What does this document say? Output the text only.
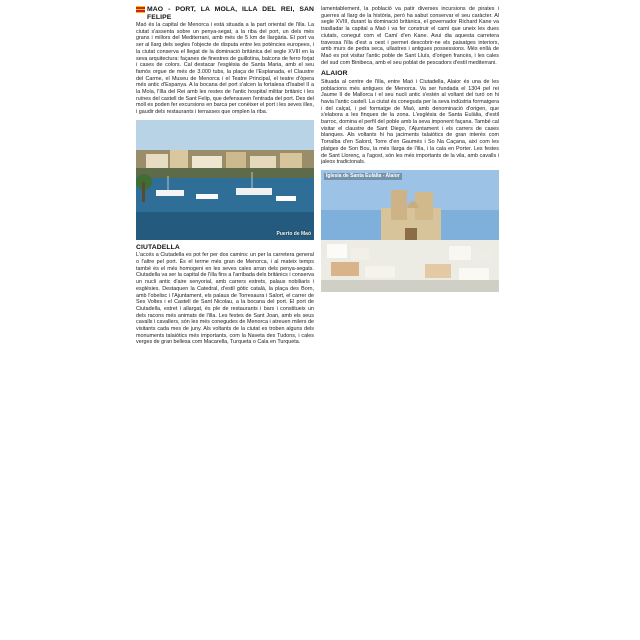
MAÓ - PORT, LA MOLA, ILLA DEL REI, SAN FELIPE

Maó és la capital de Menorca i està situada a la part oriental de l'illa. La ciutat s'assenta sobre un penya-segat, a la riba del port, un dels més grans i millors del Mediterrani, amb més de 5 km de llargària. El port va ser al llarg dels segles l'objecte de disputa entre les potències europees, i la ciutat conserva el llegat de la dominació britànica del segle XVIII en la seva arquitectura: façanes de finestres de guillotina, balcons de ferro forjat i cases de colors. Cal destacar l'església de Santa Maria, amb el seu famós orgue de més de 3.000 tubs, la plaça de l'Esplanada, el Claustre del Carme, el Museu de Menorca i el Teatre Principal, el teatre d'òpera més antic d'Espanya. A la bocana del port s'alcen la fortalesa d'Isabel II a la Mola, l'Illa del Rei amb les restes de l'antic hospital militar britànic i les ruïnes del castell de Sant Felip, que defensaven l'entrada del port. Des del moll es poden fer excursions en barca per conèixer el port i les seves illes, i gaudir dels restaurants i terrasses que omplen la riba.

Puerto de Maó
CIUTADELLA

L'accés a Ciutadella es pot fer per dos camins: un per la carretera general o l'altre pel port. És el terme més gran de Menorca, i al mateix temps també és el més homogeni en les seves cales arran dels penya-segats. Ciutadella va ser la capital de l'illa fins a l'arribada dels britànics i conserva un nucli antic d'aire senyorial, amb carrers estrets, palaus nobiliaris i esglésies. Destaquen la Catedral, d'estil gòtic català, la plaça des Born, amb l'obelisc i l'Ajuntament, els palaus de Torresaura i Salort, el carrer de Ses Voltes i el Castell de Sant Nicolau, a la bocana del port. El port de Ciutadella, estret i allargat, és ple de restaurants i bars i constitueix un dels racons més animats de l'illa. Les festes de Sant Joan, amb els seus cavalls i cavallers, són les més conegudes de Menorca i atreuen milers de visitants cada mes de juny. Als voltants de la ciutat es troben alguns dels monuments talaiòtics més importants, com la Naveta des Tudons, i cales verges de gran bellesa com Macarella, Turqueta o Cala en Turqueta.

lamentablement, la població va patir diverses incursions de pirates i guerres al llarg de la història, però ha sabut conservar el seu caràcter. Al segle XVIII, durant la dominació britànica, el governador Richard Kane va traslladar la capital a Maó i va fer construir el camí que uneix les dues ciutats, conegut com el Camí d'en Kane. Avui dia aquesta carretera travessa l'illa d'est a oest i permet descobrir-ne els paisatges interiors, amb murs de pedra seca, ullastres i antigues possessions. Més enllà de Maó es pot visitar l'antic poble de Sant Lluís, d'origen francès, i les cales del sud com Binibeca, amb el seu poblat de pescadors d'estil mediterrani.

ALAIOR

Situada al centre de l'illa, entre Maó i Ciutadella, Alaior és una de les poblacions més antigues de Menorca. Va ser fundada el 1304 pel rei Jaume II de Mallorca i el seu nucli antic s'estén al voltant del turó on hi havia l'antic castell. La ciutat és coneguda per la seva indústria formatgera i del calçat, i pel formatge de Maó, amb denominació d'origen, que s'elabora a les finques de la zona. L'església de Santa Eulàlia, d'estil barroc, domina el perfil del poble amb la seva imponent façana. També cal visitar el claustre de Sant Diego, l'Ajuntament i els carrers de cases blanques. Als voltants hi ha jaciments talaiòtics de gran interès com Torralba d'en Salord, Torre d'en Gaumés i So Na Caçana, així com les platges de Son Bou, la més llarga de l'illa, i la cala en Porter. Les festes de Sant Llorenç, a l'agost, són les més importants de la vila, amb cavalls i jaleos tradicionals.

Iglesia de Santa Eulàlia - Alaior
